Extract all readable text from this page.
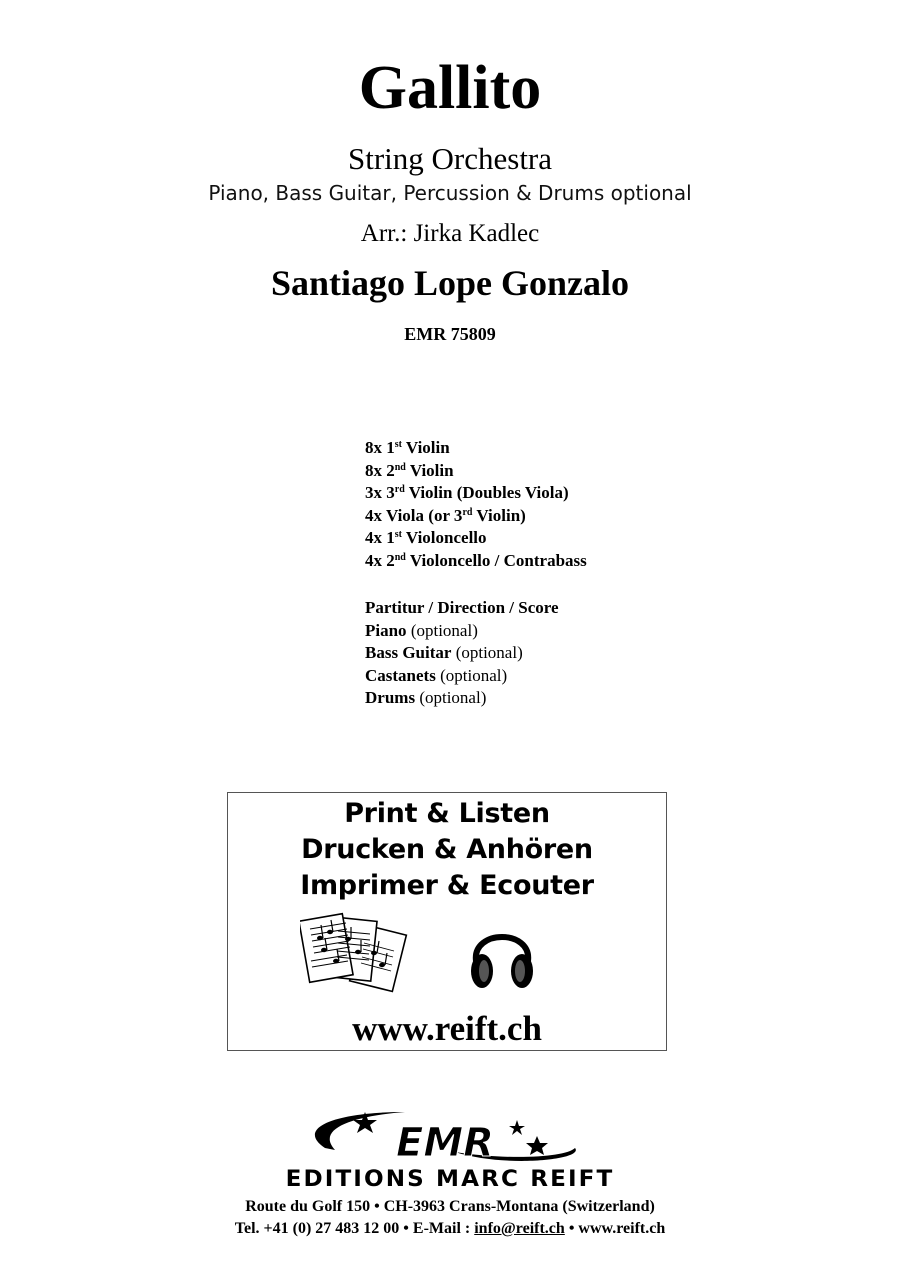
Gallito
String Orchestra
Piano, Bass Guitar, Percussion & Drums optional
Arr.: Jirka Kadlec
Santiago Lope Gonzalo
EMR 75809
8x 1st Violin
8x 2nd Violin
3x 3rd Violin (Doubles Viola)
4x Viola (or 3rd Violin)
4x 1st Violoncello
4x 2nd Violoncello / Contrabass
Partitur / Direction / Score
Piano (optional)
Bass Guitar (optional)
Castanets (optional)
Drums (optional)
Print & Listen
Drucken & Anhören
Imprimer & Ecouter
www.reift.ch
EMR
EDITIONS MARC REIFT
Route du Golf 150 • CH-3963 Crans-Montana (Switzerland)
Tel. +41 (0) 27 483 12 00 • E-Mail : info@reift.ch • www.reift.ch
